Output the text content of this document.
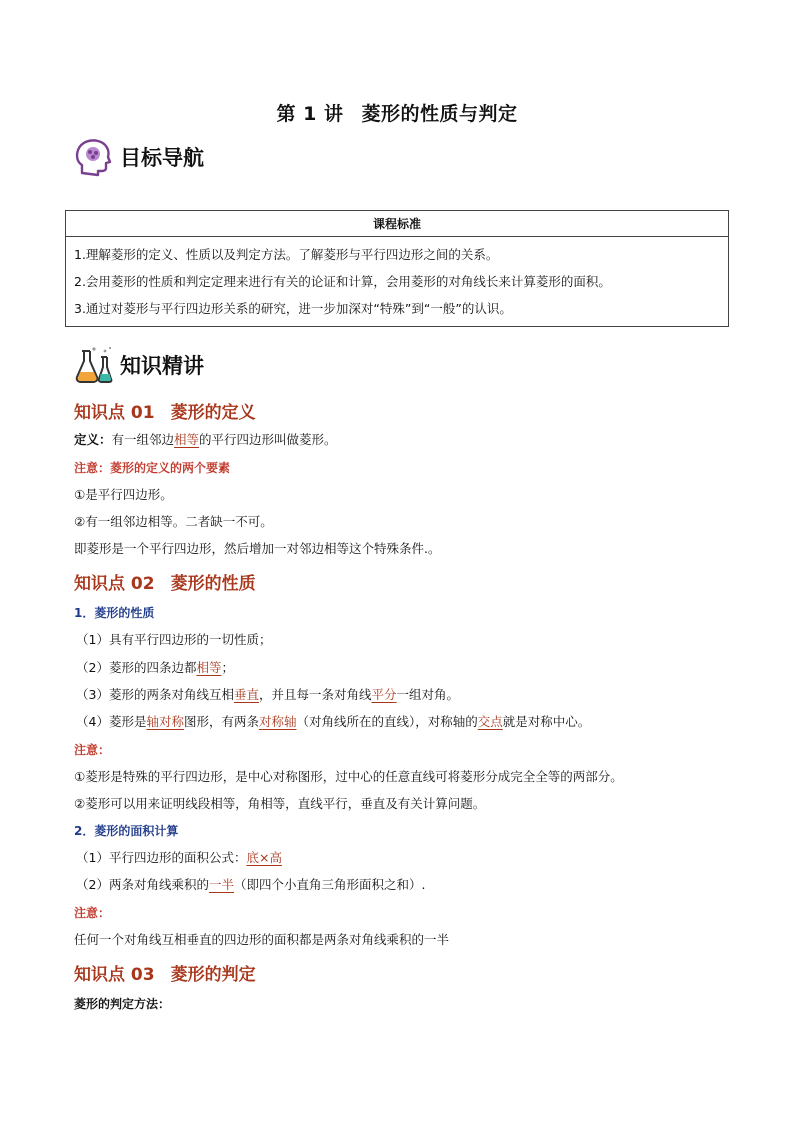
第 1 讲 菱形的性质与判定
目标导航
课程标准

1.理解菱形的定义、性质以及判定方法。了解菱形与平行四边形之间的关系。
2.会用菱形的性质和判定定理来进行有关的论证和计算，会用菱形的对角线长来计算菱形的面积。
3.通过对菱形与平行四边形关系的研究，进一步加深对“特殊”到“一般”的认识。
知识精讲
知识点 01 菱形的定义
定义：有一组邻边相等的平行四边形叫做菱形。
注意：菱形的定义的两个要素
①是平行四边形。
②有一组邻边相等。二者缺一不可。
即菱形是一个平行四边形，然后增加一对邻边相等这个特殊条件.。
知识点 02 菱形的性质
1．菱形的性质
（1）具有平行四边形的一切性质；
（2）菱形的四条边都相等；
（3）菱形的两条对角线互相垂直，并且每一条对角线平分一组对角。
（4）菱形是轴对称图形，有两条对称轴（对角线所在的直线），对称轴的交点就是对称中心。
注意：
①菱形是特殊的平行四边形，是中心对称图形，过中心的任意直线可将菱形分成完全全等的两部分。
②菱形可以用来证明线段相等，角相等，直线平行，垂直及有关计算问题。
2．菱形的面积计算
（1）平行四边形的面积公式：底×高
（2）两条对角线乘积的一半（即四个小直角三角形面积之和）.
注意：
任何一个对角线互相垂直的四边形的面积都是两条对角线乘积的一半
知识点 03 菱形的判定
菱形的判定方法：
